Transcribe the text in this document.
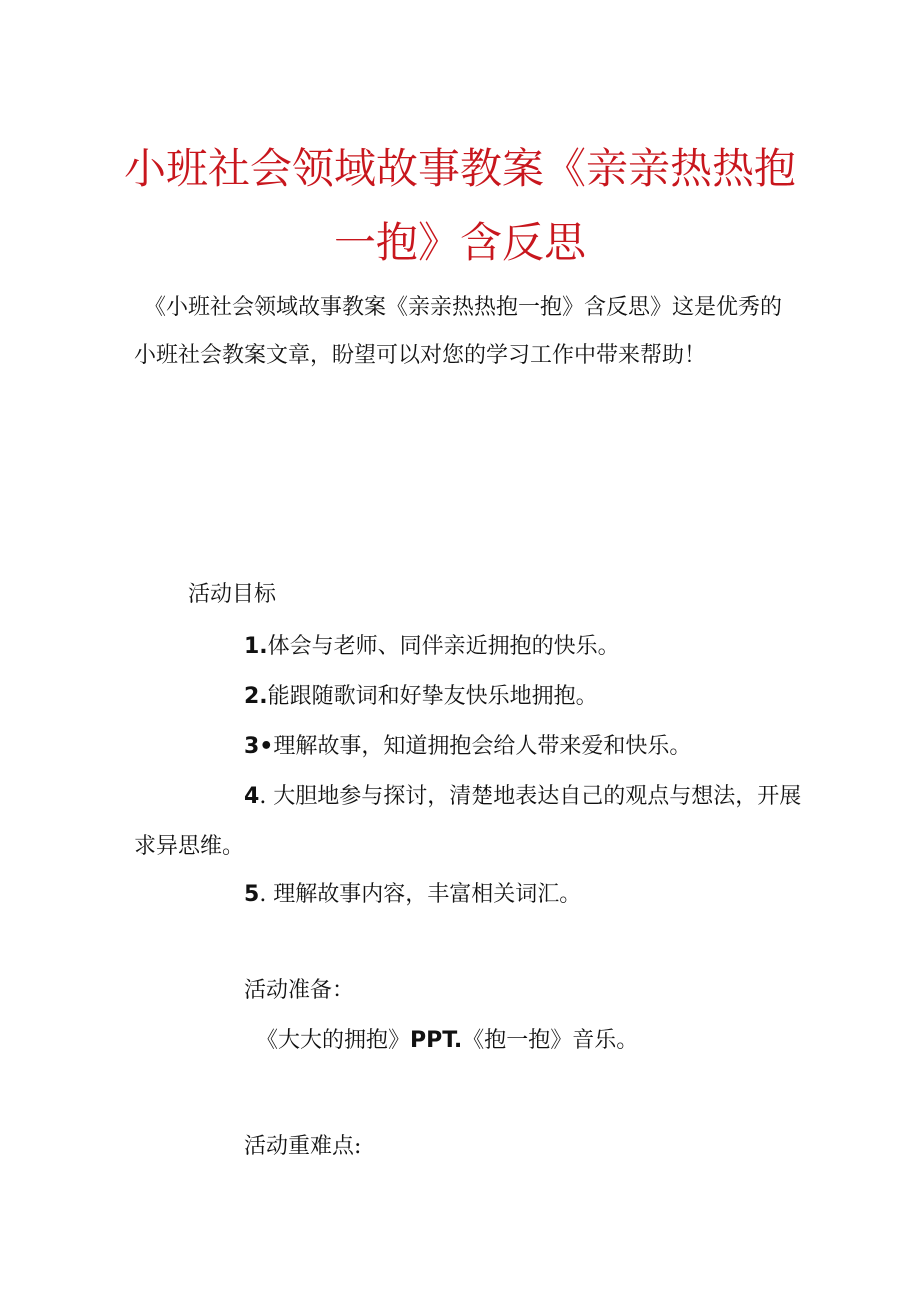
小班社会领域故事教案《亲亲热热抱
一抱》含反思

《小班社会领域故事教案《亲亲热热抱一抱》含反思》这是优秀的小班社会教案文章，盼望可以对您的学习工作中带来帮助！

活动目标

1.体会与老师、同伴亲近拥抱的快乐。

2.能跟随歌词和好挚友快乐地拥抱。

3•理解故事，知道拥抱会给人带来爱和快乐。

4. 大胆地参与探讨，清楚地表达自己的观点与想法，开展求异思维。

5. 理解故事内容，丰富相关词汇。

活动准备：

《大大的拥抱》PPT.《抱一抱》音乐。

活动重难点:
